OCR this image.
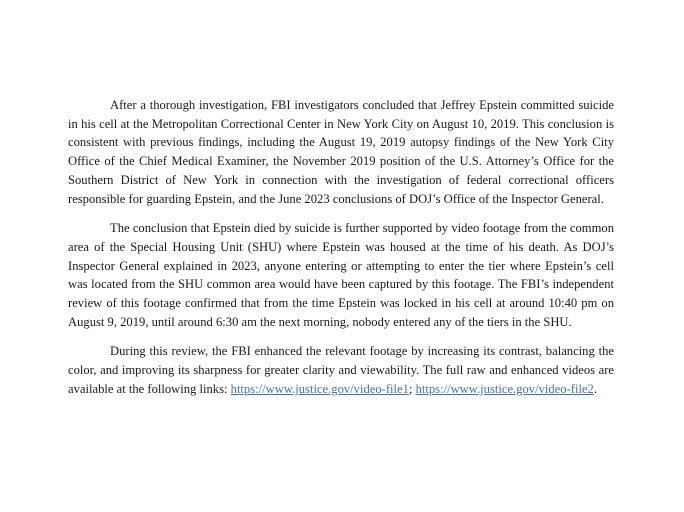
After a thorough investigation, FBI investigators concluded that Jeffrey Epstein committed suicide in his cell at the Metropolitan Correctional Center in New York City on August 10, 2019. This conclusion is consistent with previous findings, including the August 19, 2019 autopsy findings of the New York City Office of the Chief Medical Examiner, the November 2019 position of the U.S. Attorney’s Office for the Southern District of New York in connection with the investigation of federal correctional officers responsible for guarding Epstein, and the June 2023 conclusions of DOJ’s Office of the Inspector General.

The conclusion that Epstein died by suicide is further supported by video footage from the common area of the Special Housing Unit (SHU) where Epstein was housed at the time of his death. As DOJ’s Inspector General explained in 2023, anyone entering or attempting to enter the tier where Epstein’s cell was located from the SHU common area would have been captured by this footage. The FBI’s independent review of this footage confirmed that from the time Epstein was locked in his cell at around 10:40 pm on August 9, 2019, until around 6:30 am the next morning, nobody entered any of the tiers in the SHU.

During this review, the FBI enhanced the relevant footage by increasing its contrast, balancing the color, and improving its sharpness for greater clarity and viewability. The full raw and enhanced videos are available at the following links: https://www.justice.gov/video-file1; https://www.justice.gov/video-file2.
